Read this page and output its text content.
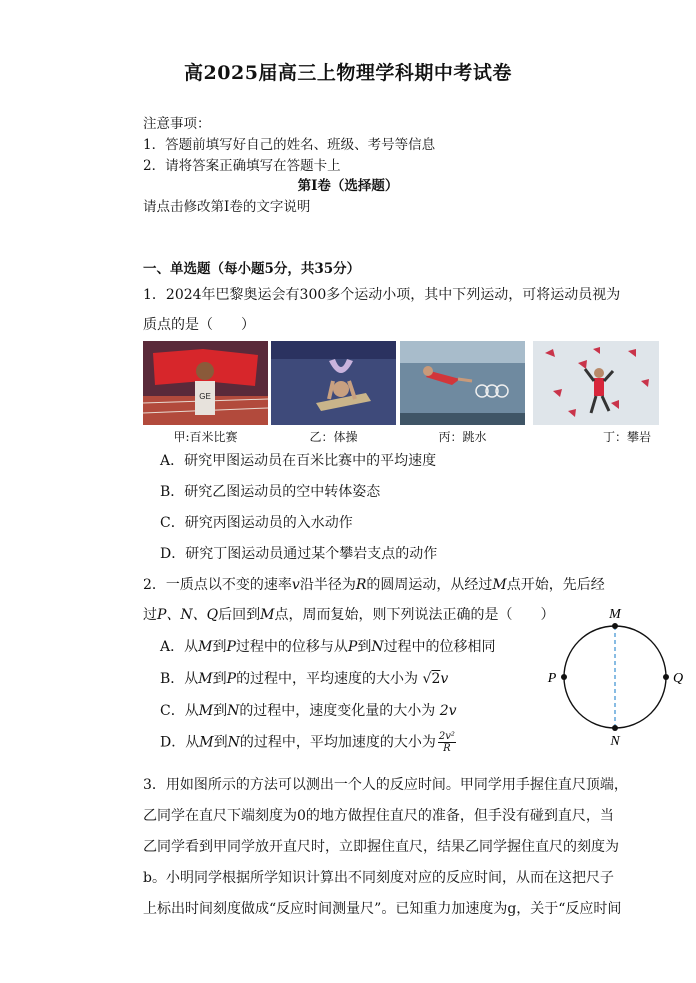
高2025届高三上物理学科期中考试卷
注意事项：
1．答题前填写好自己的姓名、班级、考号等信息
2．请将答案正确填写在答题卡上
第Ⅰ卷（选择题）
请点击修改第I卷的文字说明
一、单选题（每小题5分，共35分）
1．2024年巴黎奥运会有300多个运动小项，其中下列运动，可将运动员视为
质点的是（　　）
GE
甲:百米比赛	乙：体操	丙：跳水	丁：攀岩
A．研究甲图运动员在百米比赛中的平均速度
B．研究乙图运动员的空中转体姿态
C．研究丙图运动员的入水动作
D．研究丁图运动员通过某个攀岩支点的动作
2．一质点以不变的速率v沿半径为R的圆周运动，从经过M点开始，先后经
过P、N、Q后回到M点，周而复始，则下列说法正确的是（　　）
A．从M到P过程中的位移与从P到N过程中的位移相同
B．从M到P的过程中，平均速度的大小为 √2v
C．从M到N的过程中，速度变化量的大小为 2v
D．从M到N的过程中，平均加速度的大小为 $\frac{\text{2v²}}{R}$
M
N
P	Q
3．用如图所示的方法可以测出一个人的反应时间。甲同学用手握住直尺顶端，
乙同学在直尺下端刻度为0的地方做捏住直尺的准备，但手没有碰到直尺，当
乙同学看到甲同学放开直尺时，立即握住直尺，结果乙同学握住直尺的刻度为
b。小明同学根据所学知识计算出不同刻度对应的反应时间，从而在这把尺子
上标出时间刻度做成“反应时间测量尺”。已知重力加速度为g，关于“反应时间
